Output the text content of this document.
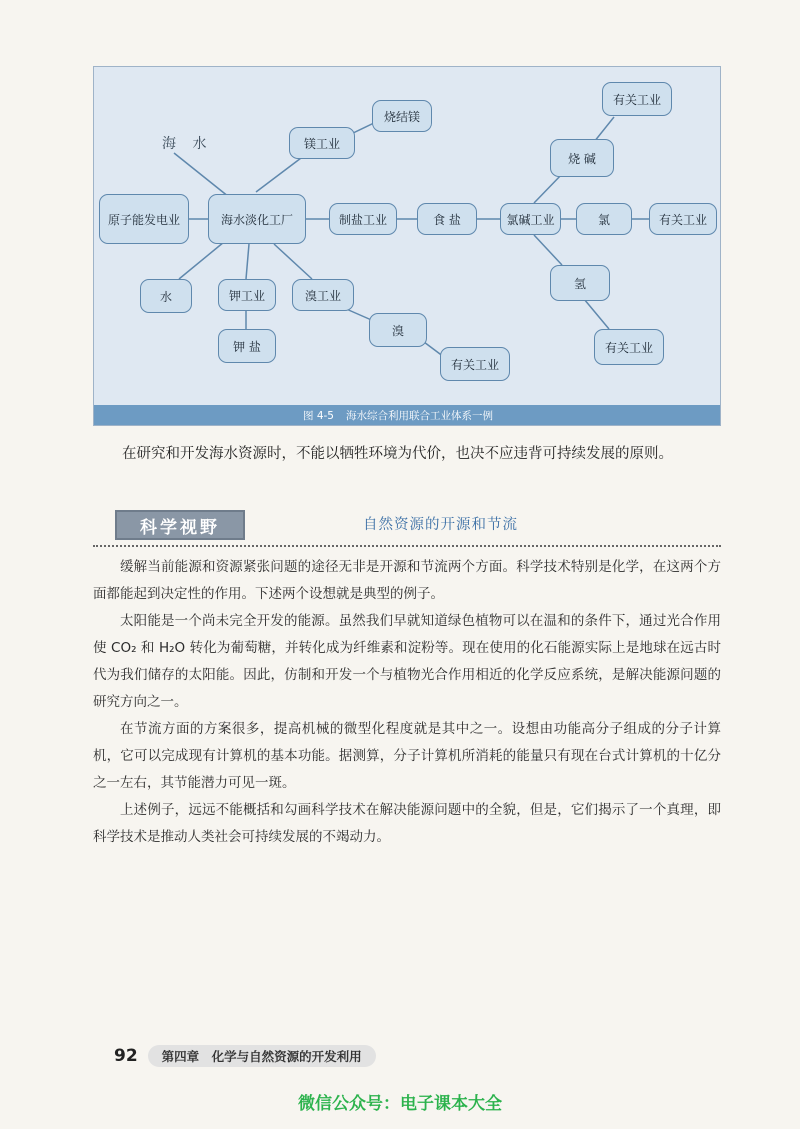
海 水
海水淡化工厂
原子能发电业
水	钾工业
钾 盐
溴工业
溴
有关工业
镁工业
烧结镁
制盐工业	食 盐	氯碱工业
烧 碱
有关工业
氯	有关工业
氢
有关工业
图 4-5 海水综合利用联合工业体系一例

在研究和开发海水资源时，不能以牺牲环境为代价，也决不应违背可持续发展的原则。

科学视野	自然资源的开源和节流

缓解当前能源和资源紧张问题的途径无非是开源和节流两个方面。科学技术特别是化学，在这两个方面都能起到决定性的作用。下述两个设想就是典型的例子。

太阳能是一个尚未完全开发的能源。虽然我们早就知道绿色植物可以在温和的条件下，通过光合作用使 CO₂ 和 H₂O 转化为葡萄糖，并转化成为纤维素和淀粉等。现在使用的化石能源实际上是地球在远古时代为我们储存的太阳能。因此，仿制和开发一个与植物光合作用相近的化学反应系统，是解决能源问题的研究方向之一。

在节流方面的方案很多，提高机械的微型化程度就是其中之一。设想由功能高分子组成的分子计算机，它可以完成现有计算机的基本功能。据测算，分子计算机所消耗的能量只有现在台式计算机的十亿分之一左右，其节能潜力可见一斑。

上述例子，远远不能概括和勾画科学技术在解决能源问题中的全貌，但是，它们揭示了一个真理，即科学技术是推动人类社会可持续发展的不竭动力。

92	第四章　化学与自然资源的开发利用
微信公众号：电子课本大全
